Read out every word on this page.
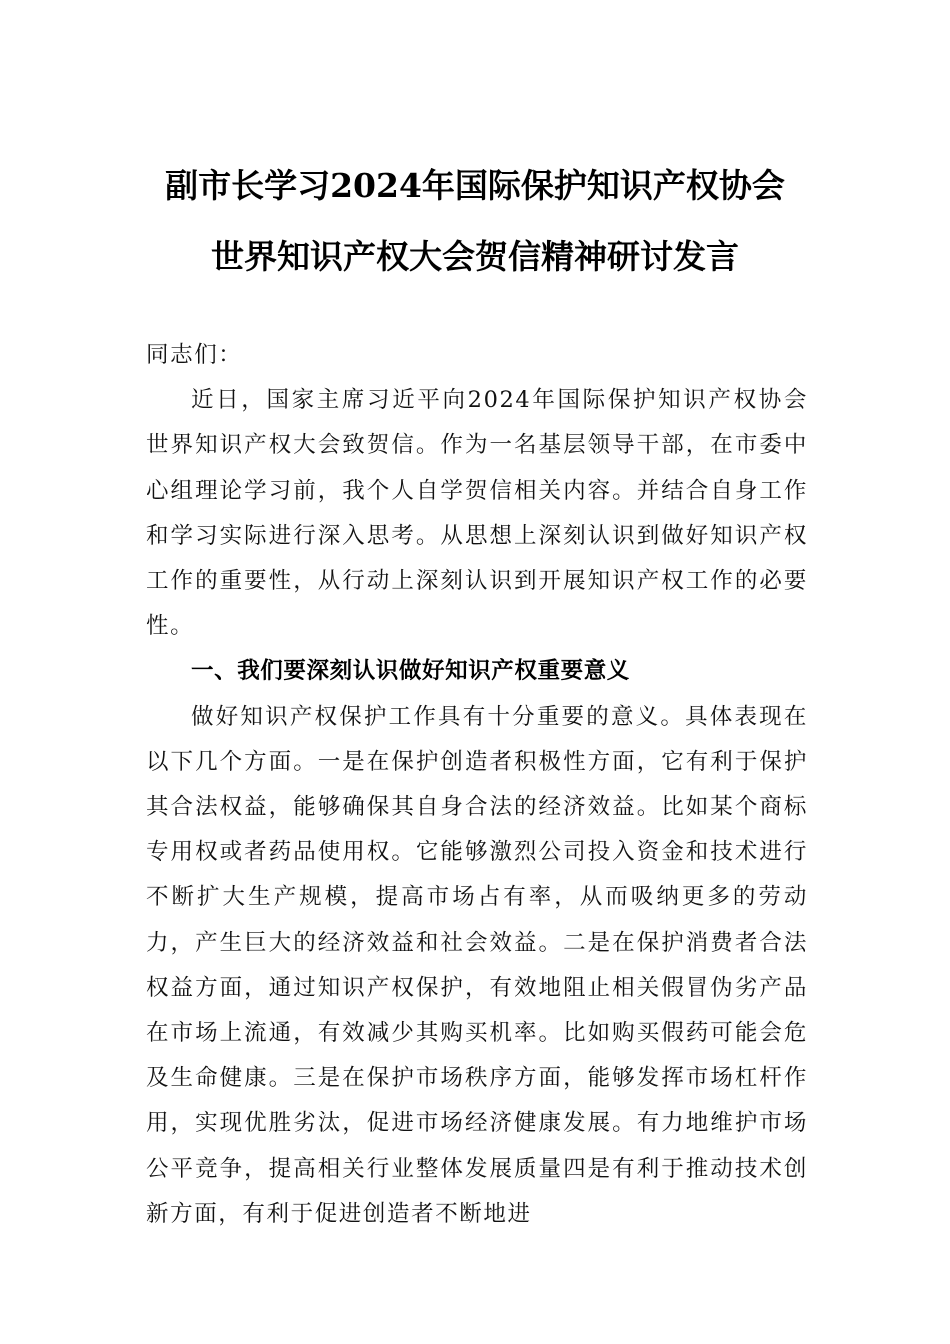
副市长学习2024年国际保护知识产权协会
世界知识产权大会贺信精神研讨发言

同志们：

近日，国家主席习近平向2024年国际保护知识产权协会世界知识产权大会致贺信。作为一名基层领导干部，在市委中心组理论学习前，我个人自学贺信相关内容。并结合自身工作和学习实际进行深入思考。从思想上深刻认识到做好知识产权工作的重要性，从行动上深刻认识到开展知识产权工作的必要性。

一、我们要深刻认识做好知识产权重要意义

做好知识产权保护工作具有十分重要的意义。具体表现在以下几个方面。一是在保护创造者积极性方面，它有利于保护其合法权益，能够确保其自身合法的经济效益。比如某个商标专用权或者药品使用权。它能够激烈公司投入资金和技术进行不断扩大生产规模，提高市场占有率，从而吸纳更多的劳动力，产生巨大的经济效益和社会效益。二是在保护消费者合法权益方面，通过知识产权保护，有效地阻止相关假冒伪劣产品在市场上流通，有效减少其购买机率。比如购买假药可能会危及生命健康。三是在保护市场秩序方面，能够发挥市场杠杆作用，实现优胜劣汰，促进市场经济健康发展。有力地维护市场公平竞争，提高相关行业整体发展质量四是有利于推动技术创新方面，有利于促进创造者不断地进
